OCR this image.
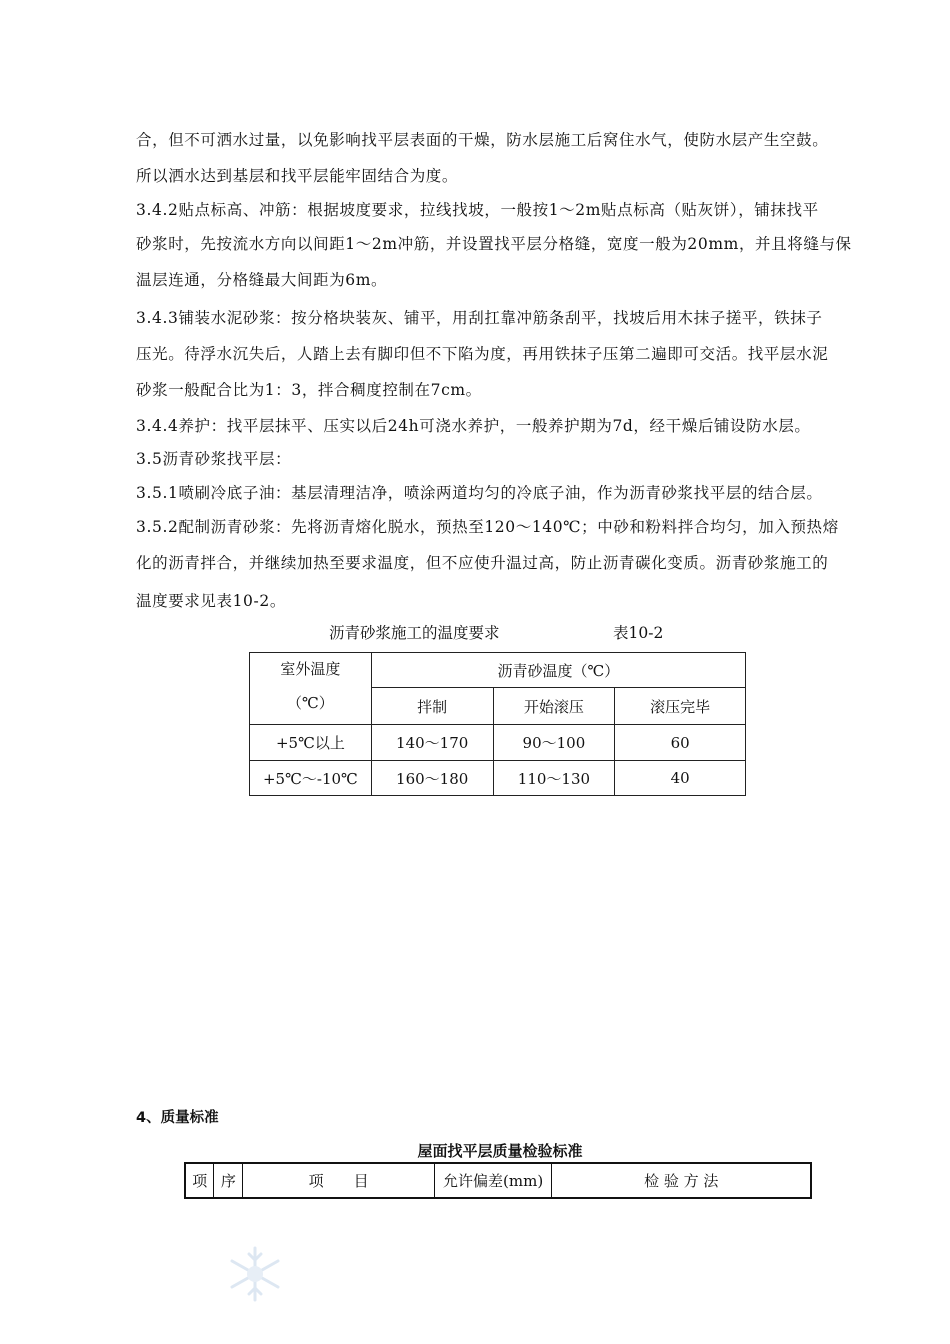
合，但不可洒水过量，以免影响找平层表面的干燥，防水层施工后窝住水气，使防水层产生空鼓。
所以洒水达到基层和找平层能牢固结合为度。
3.4.2贴点标高、冲筋：根据坡度要求，拉线找坡，一般按1～2m贴点标高（贴灰饼），铺抹找平
砂浆时，先按流水方向以间距1～2m冲筋，并设置找平层分格缝，宽度一般为20mm，并且将缝与保
温层连通，分格缝最大间距为6m。
3.4.3铺装水泥砂浆：按分格块装灰、铺平，用刮扛靠冲筋条刮平，找坡后用木抹子搓平，铁抹子
压光。待浮水沉失后，人踏上去有脚印但不下陷为度，再用铁抹子压第二遍即可交活。找平层水泥
砂浆一般配合比为1：3，拌合稠度控制在7cm。
3.4.4养护：找平层抹平、压实以后24h可浇水养护，一般养护期为7d，经干燥后铺设防水层。
3.5沥青砂浆找平层：
3.5.1喷刷冷底子油：基层清理洁净，喷涂两道均匀的冷底子油，作为沥青砂浆找平层的结合层。
3.5.2配制沥青砂浆：先将沥青熔化脱水，预热至120～140℃；中砂和粉料拌合均匀，加入预热熔
化的沥青拌合，并继续加热至要求温度，但不应使升温过高，防止沥青碳化变质。沥青砂浆施工的
温度要求见表10-2。
沥青砂浆施工的温度要求	表10-2
室外温度
（℃）	沥青砂温度（℃）		
	拌制	开始滚压	滚压完毕
+5℃以上	140～170	90～100	60
+5℃～-10℃	160～180	110～130	40
4、质量标准
屋面找平层质量检验标准
项	序	项　　目	允许偏差(mm)	检 验 方 法
